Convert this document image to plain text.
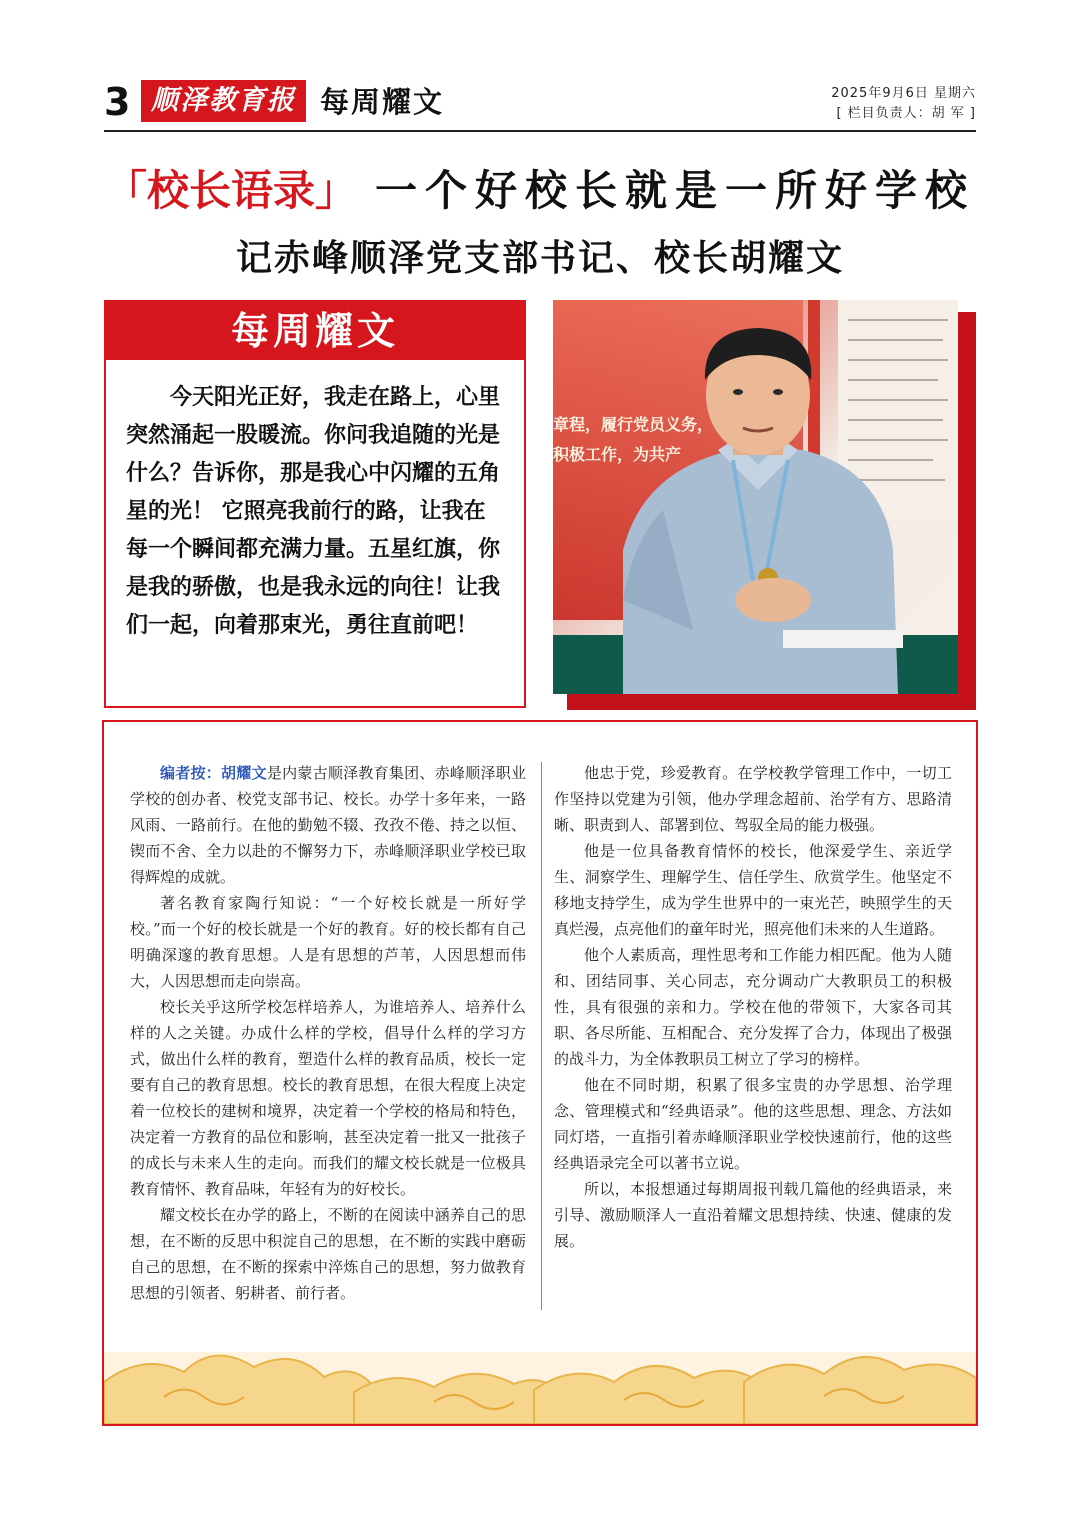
3 顺泽教育报 每周耀文	2025年9月6日 星期六
[ 栏目负责人：胡 军 ]
「校长语录」 一个好校长就是一所好学校
记赤峰顺泽党支部书记、校长胡耀文
每周耀文

今天阳光正好，我走在路上，心里突然涌起一股暖流。你问我追随的光是什么？告诉你，那是我心中闪耀的五角星的光！ 它照亮我前行的路，让我在每一个瞬间都充满力量。五星红旗，你是我的骄傲，也是我永远的向往！让我们一起，向着那束光，勇往直前吧！

章程，履行党员义务，
积极工作，为共产

编者按：胡耀文是内蒙古顺泽教育集团、赤峰顺泽职业学校的创办者、校党支部书记、校长。办学十多年来，一路风雨、一路前行。在他的勤勉不辍、孜孜不倦、持之以恒、锲而不舍、全力以赴的不懈努力下，赤峰顺泽职业学校已取得辉煌的成就。

著名教育家陶行知说：“一个好校长就是一所好学校。”而一个好的校长就是一个好的教育。好的校长都有自己明确深邃的教育思想。人是有思想的芦苇，人因思想而伟大，人因思想而走向崇高。

校长关乎这所学校怎样培养人，为谁培养人、培养什么样的人之关键。办成什么样的学校，倡导什么样的学习方式，做出什么样的教育，塑造什么样的教育品质，校长一定要有自己的教育思想。校长的教育思想，在很大程度上决定着一位校长的建树和境界，决定着一个学校的格局和特色，决定着一方教育的品位和影响，甚至决定着一批又一批孩子的成长与未来人生的走向。而我们的耀文校长就是一位极具教育情怀、教育品味，年轻有为的好校长。

耀文校长在办学的路上，不断的在阅读中涵养自己的思想，在不断的反思中积淀自己的思想，在不断的实践中磨砺自己的思想，在不断的探索中淬炼自己的思想，努力做教育思想的引领者、躬耕者、前行者。

他忠于党，珍爱教育。在学校教学管理工作中，一切工作坚持以党建为引领，他办学理念超前、治学有方、思路清晰、职责到人、部署到位、驾驭全局的能力极强。

他是一位具备教育情怀的校长，他深爱学生、亲近学生、洞察学生、理解学生、信任学生、欣赏学生。他坚定不移地支持学生，成为学生世界中的一束光芒，映照学生的天真烂漫，点亮他们的童年时光，照亮他们未来的人生道路。

他个人素质高，理性思考和工作能力相匹配。他为人随和、团结同事、关心同志，充分调动广大教职员工的积极性，具有很强的亲和力。学校在他的带领下，大家各司其职、各尽所能、互相配合、充分发挥了合力，体现出了极强的战斗力，为全体教职员工树立了学习的榜样。

他在不同时期，积累了很多宝贵的办学思想、治学理念、管理模式和“经典语录”。他的这些思想、理念、方法如同灯塔，一直指引着赤峰顺泽职业学校快速前行，他的这些经典语录完全可以著书立说。

所以，本报想通过每期周报刊载几篇他的经典语录，来引导、激励顺泽人一直沿着耀文思想持续、快速、健康的发展。
